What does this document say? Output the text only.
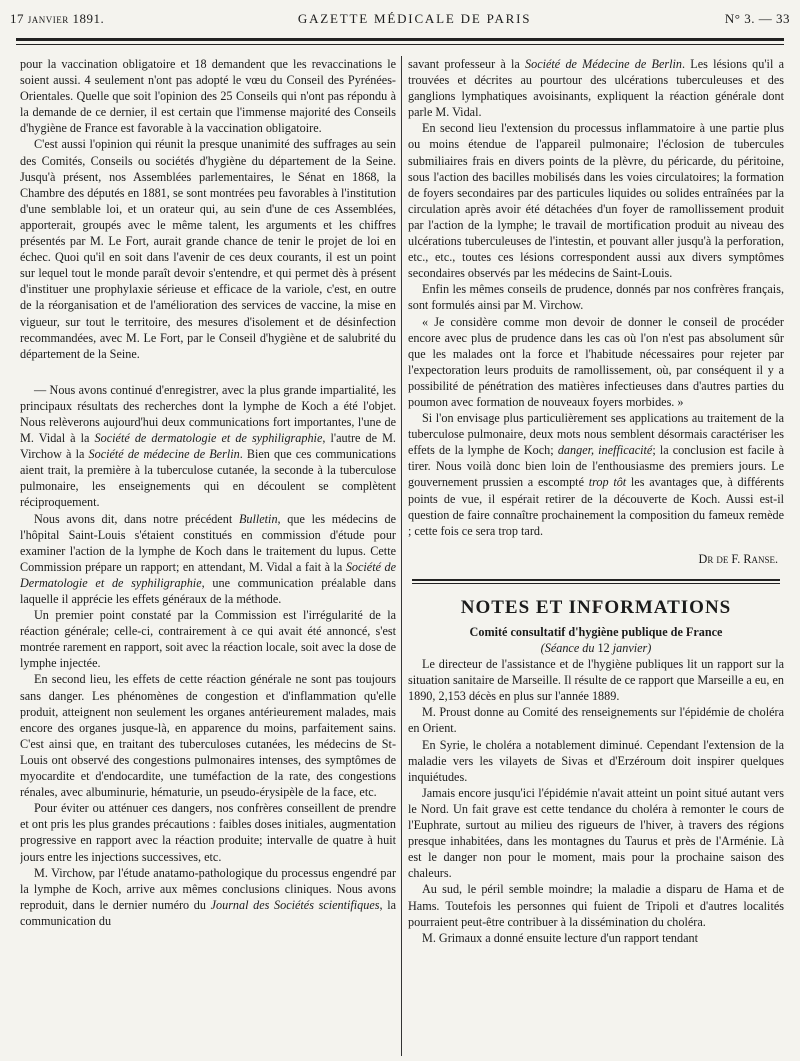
17 janvier 1891.	GAZETTE MÉDICALE DE PARIS	N° 3. — 33

pour la vaccination obligatoire et 18 demandent que les revaccinations le soient aussi. 4 seulement n'ont pas adopté le vœu du Conseil des Pyrénées-Orientales. Quelle que soit l'opinion des 25 Conseils qui n'ont pas répondu à la demande de ce dernier, il est certain que l'immense majorité des Conseils d'hygiène de France est favorable à la vaccination obligatoire.

C'est aussi l'opinion qui réunit la presque unanimité des suffrages au sein des Comités, Conseils ou sociétés d'hygiène du département de la Seine. Jusqu'à présent, nos Assemblées parlementaires, le Sénat en 1868, la Chambre des députés en 1881, se sont montrées peu favorables à l'institution d'une semblable loi, et un orateur qui, au sein d'une de ces Assemblées, apporterait, groupés avec le même talent, les arguments et les chiffres présentés par M. Le Fort, aurait grande chance de tenir le projet de loi en échec. Quoi qu'il en soit dans l'avenir de ces deux courants, il est un point sur lequel tout le monde paraît devoir s'entendre, et qui permet dès à présent d'instituer une prophylaxie sérieuse et efficace de la variole, c'est, en outre de la réorganisation et de l'amélioration des services de vaccine, la mise en vigueur, sur tout le territoire, des mesures d'isolement et de désinfection recommandées, avec M. Le Fort, par le Conseil d'hygiène et de salubrité du département de la Seine.

— Nous avons continué d'enregistrer, avec la plus grande impartialité, les principaux résultats des recherches dont la lymphe de Koch a été l'objet. Nous relèverons aujourd'hui deux communications fort importantes, l'une de M. Vidal à la Société de dermatologie et de syphiligraphie, l'autre de M. Virchow à la Société de médecine de Berlin. Bien que ces communications aient trait, la première à la tuberculose cutanée, la seconde à la tuberculose pulmonaire, les enseignements qui en découlent se complètent réciproquement.

Nous avons dit, dans notre précédent Bulletin, que les médecins de l'hôpital Saint-Louis s'étaient constitués en commission d'étude pour examiner l'action de la lymphe de Koch dans le traitement du lupus. Cette Commission prépare un rapport; en attendant, M. Vidal a fait à la Société de Dermatologie et de syphiligraphie, une communication préalable dans laquelle il apprécie les effets généraux de la méthode.

Un premier point constaté par la Commission est l'irrégularité de la réaction générale; celle-ci, contrairement à ce qui avait été annoncé, s'est montrée rarement en rapport, soit avec la réaction locale, soit avec la dose de lymphe injectée.

En second lieu, les effets de cette réaction générale ne sont pas toujours sans danger. Les phénomènes de congestion et d'inflammation qu'elle produit, atteignent non seulement les organes antérieurement malades, mais encore des organes jusque-là, en apparence du moins, parfaitement sains. C'est ainsi que, en traitant des tuberculoses cutanées, les médecins de St-Louis ont observé des congestions pulmonaires intenses, des symptômes de myocardite et d'endocardite, une tuméfaction de la rate, des congestions rénales, avec albuminurie, hématurie, un pseudo-érysipèle de la face, etc.

Pour éviter ou atténuer ces dangers, nos confrères conseillent de prendre et ont pris les plus grandes précautions : faibles doses initiales, augmentation progressive en rapport avec la réaction produite; intervalle de quatre à huit jours entre les injections successives, etc.

M. Virchow, par l'étude anatamo-pathologique du processus engendré par la lymphe de Koch, arrive aux mêmes conclusions cliniques. Nous avons reproduit, dans le dernier numéro du Journal des Sociétés scientifiques, la communication du

savant professeur à la Société de Médecine de Berlin. Les lésions qu'il a trouvées et décrites au pourtour des ulcérations tuberculeuses et des ganglions lymphatiques avoisinants, expliquent la réaction générale dont parle M. Vidal.

En second lieu l'extension du processus inflammatoire à une partie plus ou moins étendue de l'appareil pulmonaire; l'éclosion de tubercules submiliaires frais en divers points de la plèvre, du péricarde, du péritoine, sous l'action des bacilles mobilisés dans les voies circulatoires; la formation de foyers secondaires par des particules liquides ou solides entraînées par la circulation après avoir été détachées d'un foyer de ramollissement produit par l'action de la lymphe; le travail de mortification produit au niveau des ulcérations tuberculeuses de l'intestin, et pouvant aller jusqu'à la perforation, etc., etc., toutes ces lésions correspondent aussi aux divers symptômes secondaires observés par les médecins de Saint-Louis.

Enfin les mêmes conseils de prudence, donnés par nos confrères français, sont formulés ainsi par M. Virchow.

« Je considère comme mon devoir de donner le conseil de procéder encore avec plus de prudence dans les cas où l'on n'est pas absolument sûr que les malades ont la force et l'habitude nécessaires pour rejeter par l'expectoration leurs produits de ramollissement, où, par conséquent il y a possibilité de pénétration des matières infectieuses dans d'autres parties du poumon avec formation de nouveaux foyers morbides. »

Si l'on envisage plus particulièrement ses applications au traitement de la tuberculose pulmonaire, deux mots nous semblent désormais caractériser les effets de la lymphe de Koch; danger, inefficacité; la conclusion est facile à tirer. Nous voilà donc bien loin de l'enthousiasme des premiers jours. Le gouvernement prussien a escompté trop tôt les avantages que, à différents points de vue, il espérait retirer de la découverte de Koch. Aussi est-il question de faire connaître prochainement la composition du fameux remède ; cette fois ce sera trop tard.

Dr de F. Ranse.
NOTES ET INFORMATIONS
Comité consultatif d'hygiène publique de France
(Séance du 12 janvier)

Le directeur de l'assistance et de l'hygiène publiques lit un rapport sur la situation sanitaire de Marseille. Il résulte de ce rapport que Marseille a eu, en 1890, 2,153 décès en plus sur l'année 1889.

M. Proust donne au Comité des renseignements sur l'épidémie de choléra en Orient.

En Syrie, le choléra a notablement diminué. Cependant l'extension de la maladie vers les vilayets de Sivas et d'Erzéroum doit inspirer quelques inquiétudes.

Jamais encore jusqu'ici l'épidémie n'avait atteint un point situé autant vers le Nord. Un fait grave est cette tendance du choléra à remonter le cours de l'Euphrate, surtout au milieu des rigueurs de l'hiver, à travers des régions presque inhabitées, dans les montagnes du Taurus et près de l'Arménie. Là est le danger non pour le moment, mais pour la prochaine saison des chaleurs.

Au sud, le péril semble moindre; la maladie a disparu de Hama et de Hams. Toutefois les personnes qui fuient de Tripoli et d'autres localités pourraient peut-être contribuer à la dissémination du choléra.

M. Grimaux a donné ensuite lecture d'un rapport tendant
